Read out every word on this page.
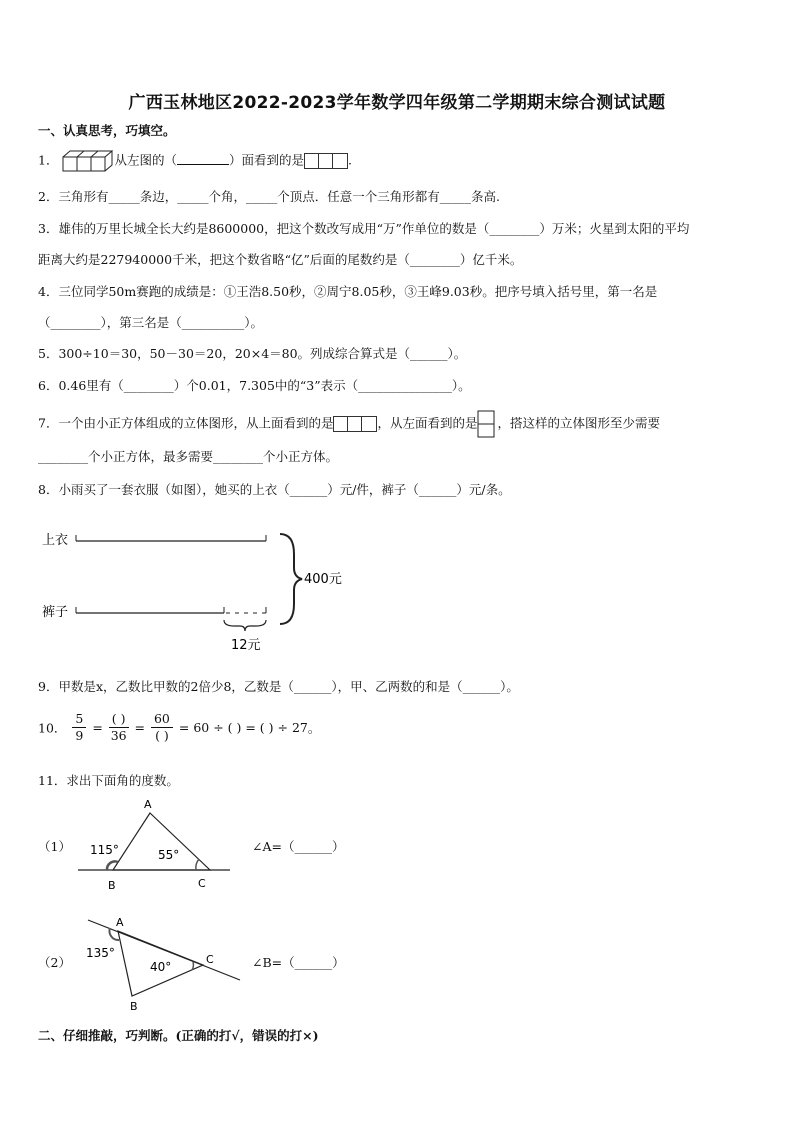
广西玉林地区2022-2023学年数学四年级第二学期期末综合测试试题
一、认真思考，巧填空。
1．	从左图的（	）面看到的是	.
2．三角形有_____条边，_____个角，_____个顶点．任意一个三角形都有_____条高.
3．雄伟的万里长城全长大约是8600000，把这个数改写成用“万”作单位的数是（________）万米；火星到太阳的平均
距离大约是227940000千米，把这个数省略“亿”后面的尾数约是（________）亿千米。
4．三位同学50m赛跑的成绩是：①王浩8.50秒，②周宁8.05秒，③王峰9.03秒。把序号填入括号里，第一名是
（________），第三名是（__________）。
5．300÷10＝30，50－30＝20，20×4＝80。列成综合算式是（______）。
6．0.46里有（________）个0.01，7.305中的“3”表示（_______________）。
7．一个由小正方体组成的立体图形，从上面看到的是	，从左面看到的是 ，搭这样的立体图形至少需要
________个小正方体，最多需要________个小正方体。
8．小雨买了一套衣服（如图），她买的上衣（______）元/件，裤子（______）元/条。
上衣
裤子
12元
400元
9．甲数是x，乙数比甲数的2倍少8，乙数是（______），甲、乙两数的和是（______）。
10． $\frac{5}{9} = \frac{( )}{36} = \frac{60}{( )} = 60$ ÷ ( ) = ( ) ÷ 27。
11．求出下面角的度数。
（1）
A
B	C
115°	55°
∠A=（______）
（2）
A
B
C
135°
40°	∠B=（______）
二、仔细推敲，巧判断。(正确的打√，错误的打×)
